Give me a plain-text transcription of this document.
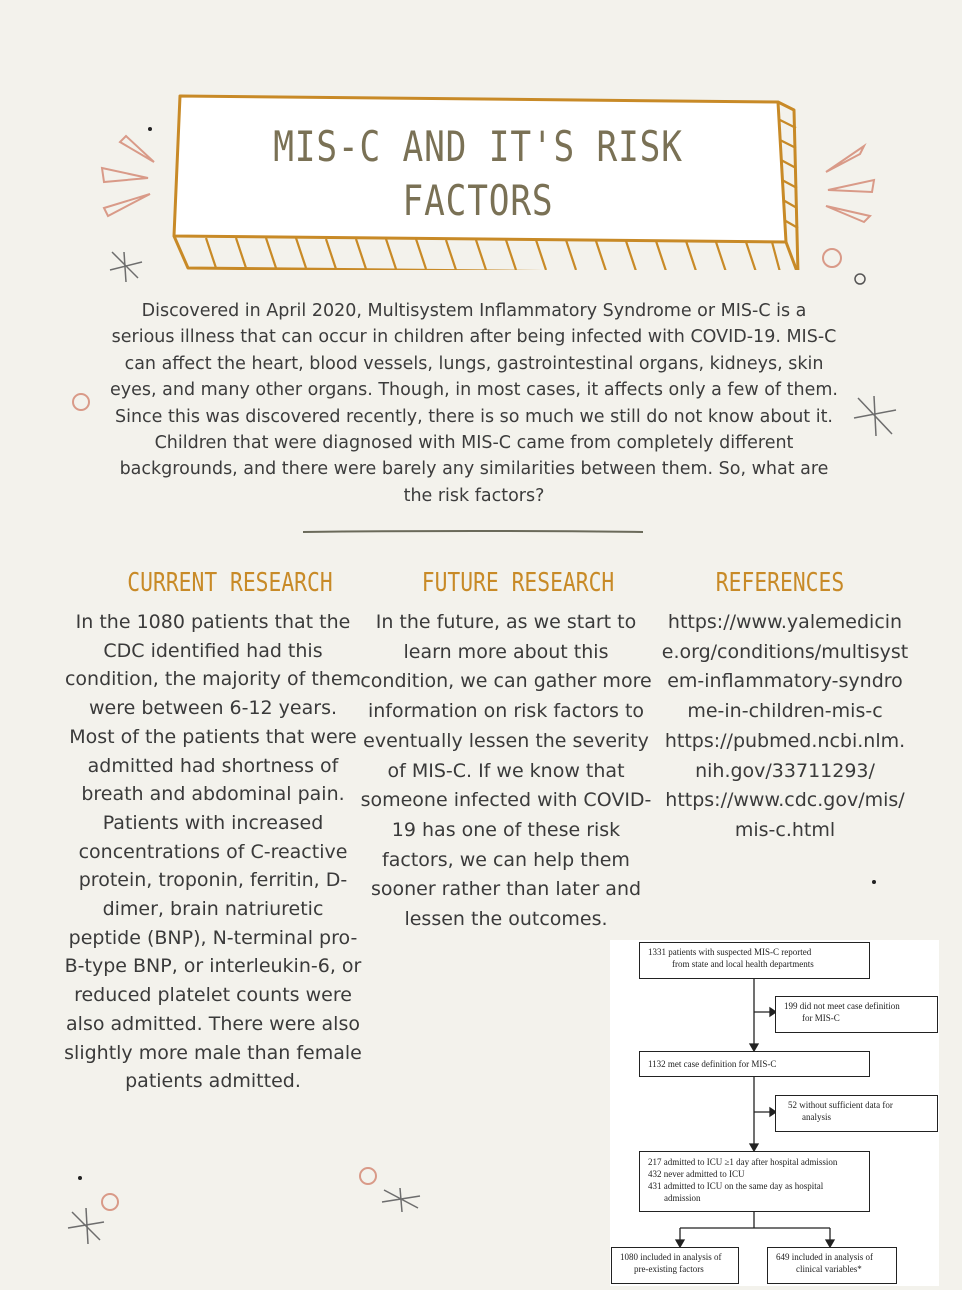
MIS-C AND IT'S RISK FACTORS
Discovered in April 2020, Multisystem Inflammatory Syndrome or MIS-C is a serious illness that can occur in children after being infected with COVID-19. MIS-C can affect the heart, blood vessels, lungs, gastrointestinal organs, kidneys, skin eyes, and many other organs. Though, in most cases, it affects only a few of them. Since this was discovered recently, there is so much we still do not know about it. Children that were diagnosed with MIS-C came from completely different backgrounds, and there were barely any similarities between them. So, what are the risk factors?
CURRENT RESEARCH	FUTURE RESEARCH	REFERENCES
In the 1080 patients that the CDC identified had this condition, the majority of them were between 6-12 years. Most of the patients that were admitted had shortness of breath and abdominal pain. Patients with increased concentrations of C-reactive protein, troponin, ferritin, D-dimer, brain natriuretic peptide (BNP), N-terminal pro-B-type BNP, or interleukin-6, or reduced platelet counts were also admitted. There were also slightly more male than female patients admitted.
In the future, as we start to learn more about this condition, we can gather more information on risk factors to eventually lessen the severity of MIS-C. If we know that someone infected with COVID-19 has one of these risk factors, we can help them sooner rather than later and lessen the outcomes.
https://www.yalemedicine.org/conditions/multisystem-inflammatory-syndrome-in-children-mis-c
https://pubmed.ncbi.nlm.nih.gov/33711293/
https://www.cdc.gov/mis/mis-c.html
1331 patients with suspected MIS-C reported
from state and local health departments
199 did not meet case definition
for MIS-C
1132 met case definition for MIS-C
52 without sufficient data for
analysis
217 admitted to ICU ≥1 day after hospital admission
432 never admitted to ICU
431 admitted to ICU on the same day as hospital
admission
1080 included in analysis of
pre-existing factors
649 included in analysis of
clinical variables*
